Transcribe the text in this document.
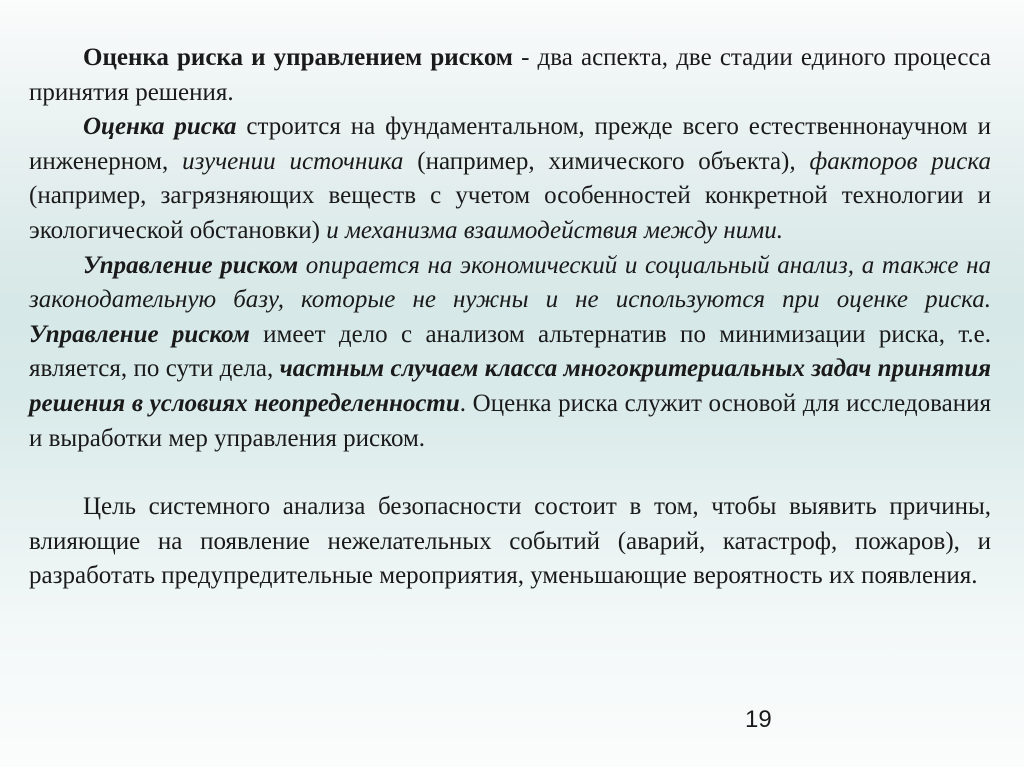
Оценка риска и управлением риском - два аспекта, две стадии единого процесса принятия решения.

Оценка риска строится на фундаментальном, прежде всего естественнонаучном и инженерном, изучении источника (например, химического объекта), факторов риска (например, загрязняющих веществ с учетом особенностей конкретной технологии и экологической обстановки) и механизма взаимодействия между ними.

Управление риском опирается на экономический и социальный анализ, а также на законодательную базу, которые не нужны и не используются при оценке риска. Управление риском имеет дело с анализом альтернатив по минимизации риска, т.е. является, по сути дела, частным случаем класса многокритериальных задач принятия решения в условиях неопределенности. Оценка риска служит основой для исследования и выработки мер управления риском.

Цель системного анализа безопасности состоит в том, чтобы выявить причины, влияющие на появление нежелательных событий (аварий, катастроф, пожаров), и разработать предупредительные мероприятия, уменьшающие вероятность их появления.

19
